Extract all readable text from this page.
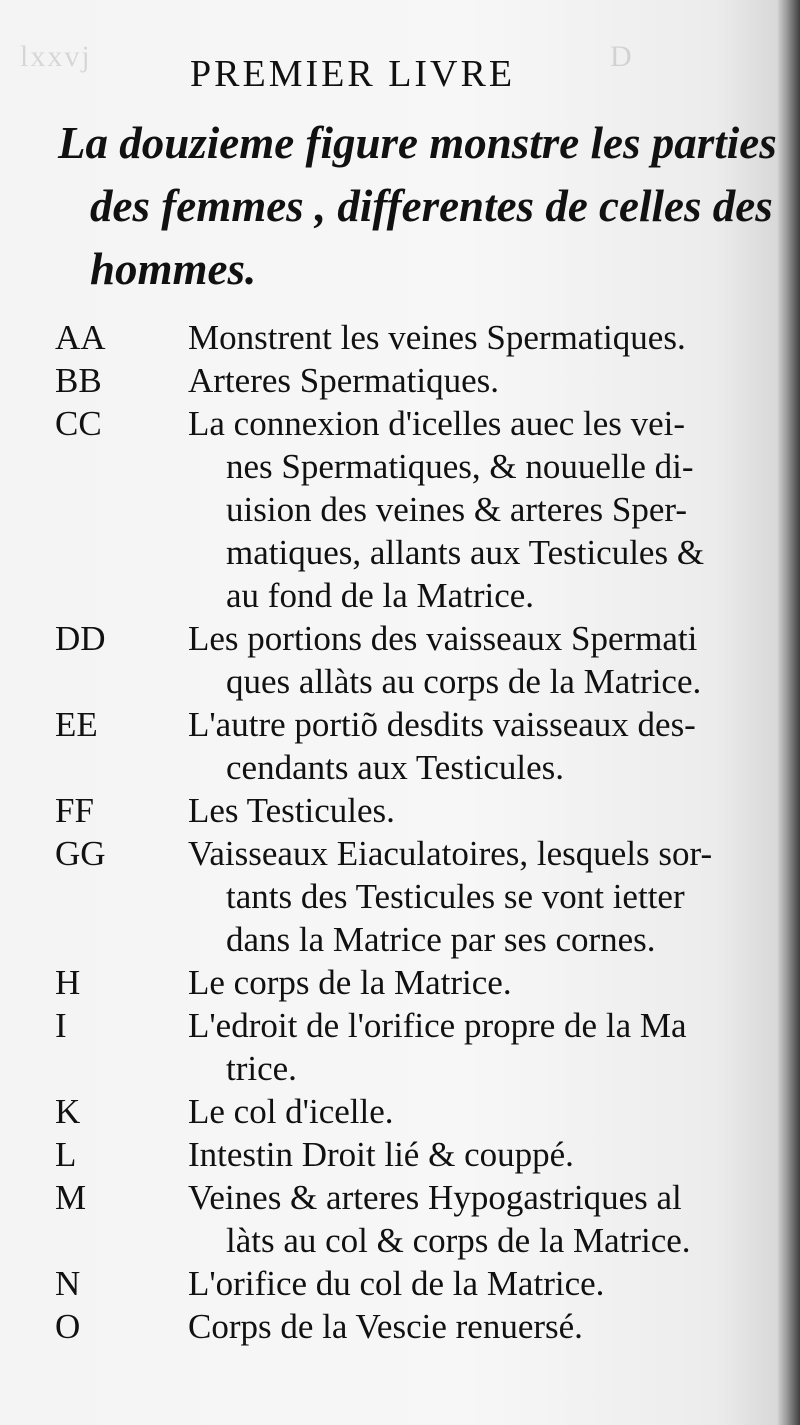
lxxvj	D
PREMIER LIVRE
La douzieme figure monstre les parties
des femmes , differentes de celles des
hommes.
AA	Monstrent les veines Spermatiques.
BB	Arteres Spermatiques.
CC	La connexion d'icelles auec les vei-
nes Spermatiques, & nouuelle di-
uision des veines & arteres Sper-
matiques, allants aux Testicules &
au fond de la Matrice.
DD	Les portions des vaisseaux Spermati
ques allàts au corps de la Matrice.
EE	L'autre portiõ desdits vaisseaux des-
cendants aux Testicules.
FF	Les Testicules.
GG	Vaisseaux Eiaculatoires, lesquels sor-
tants des Testicules se vont ietter
dans la Matrice par ses cornes.
H	Le corps de la Matrice.
I	L'edroit de l'orifice propre de la Ma
trice.
K	Le col d'icelle.
L	Intestin Droit lié & couppé.
M	Veines & arteres Hypogastriques al
làts au col & corps de la Matrice.
N	L'orifice du col de la Matrice.
O	Corps de la Vescie renuersé.
